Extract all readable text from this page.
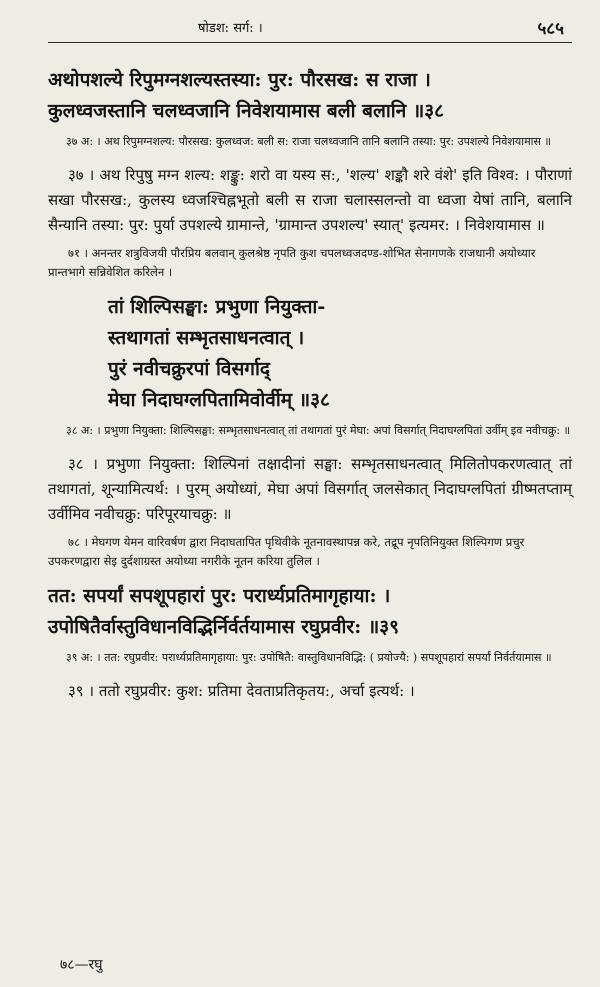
षोडश: सर्ग: ।	५८५
अथोपशल्ये रिपुमग्नशल्यस्तस्या: पुर: पौरसख: स राजा ।
कुलध्वजस्तानि चलध्वजानि निवेशयामास बली बलानि ॥३८
३७ अ: । अथ रिपुमग्नशल्य: पौरसख: कुलध्वज: बली स: राजा चलध्वजानि तानि बलानि तस्या: पुर: उपशल्ये निवेशयामास ॥
३७ । अथ रिपुषु मग्न शल्य: शङ्कु: शरो वा यस्य स:, 'शल्य' शङ्कौ शरे वंशे' इति विश्व: । पौराणां सखा पौरसख:, कुलस्य ध्वजश्चिह्नभूतो बली स राजा चलास्सलन्तो वा ध्वजा येषां तानि, बलानि सैन्यानि तस्या: पुर: पुर्या उपशल्ये ग्रामान्ते, 'ग्रामान्त उपशल्य' स्यात्' इत्यमर: । निवेशयामास ॥
७१ । अनन्तर शत्रुविजयी पौरप्रिय बलवान् कुलश्रेष्ठ नृपति कुश चपलध्वजदण्ड-शोभित सेनागणके राजधानी अयोध्यार प्रान्तभागे सन्निवेशित करिलेन ।
तां शिल्पिसङ्घा: प्रभुणा नियुक्ता-
स्तथागतां सम्भृतसाधनत्वात् ।
पुरं नवीचक्रुरपां विसर्गाद्
मेघा निदाघग्लपितामिवोर्वीम् ॥३८
३८ अ: । प्रभुणा नियुक्ता: शिल्पिसङ्घा: सम्भृतसाधनत्वात् तां तथागतां पुरं मेघा: अपां विसर्गात् निदाघग्लपितां उर्वीम् इव नवीचक्रु: ॥
३८ । प्रभुणा नियुक्ता: शिल्पिनां तक्षादीनां सङ्घा: सम्भृतसाधनत्वात् मिलितोपकरणत्वात् तां तथागतां, शून्यामित्यर्थ: । पुरम् अयोध्यां, मेघा अपां विसर्गात् जलसेकात् निदाघग्लपितां ग्रीष्मतप्ताम् उर्वीमिव नवीचक्रु: परिपूरयाचक्रु: ॥
७८ । मेघगण येमन वारिवर्षण द्वारा निदाघतापित पृथिवीके नूतनावस्थापन्न करे, तद्रूप नृपतिनियुक्त शिल्पिगण प्रचुर उपकरणद्वारा सेइ दुर्दशाग्रस्त अयोध्या नगरीके नूतन करिया तुलिल ।
तत: सपर्यां सपशूपहारां पुर: परार्ध्यप्रतिमागृहाया: ।
उपोषितैर्वास्तुविधानविद्भिर्निर्वर्तयामास रघुप्रवीर: ॥३९
३९ अ: । तत: रघुप्रवीर: परार्ध्यप्रतिमागृहाया: पुर: उपोषितै: वास्तुविधानविद्भि: ( प्रयोज्यै: ) सपशूपहारां सपर्यां निर्वर्तयामास ॥
३९ । ततो रघुप्रवीर: कुश: प्रतिमा देवताप्रतिकृतय:, अर्चा इत्यर्थ: ।
७८—रघु
